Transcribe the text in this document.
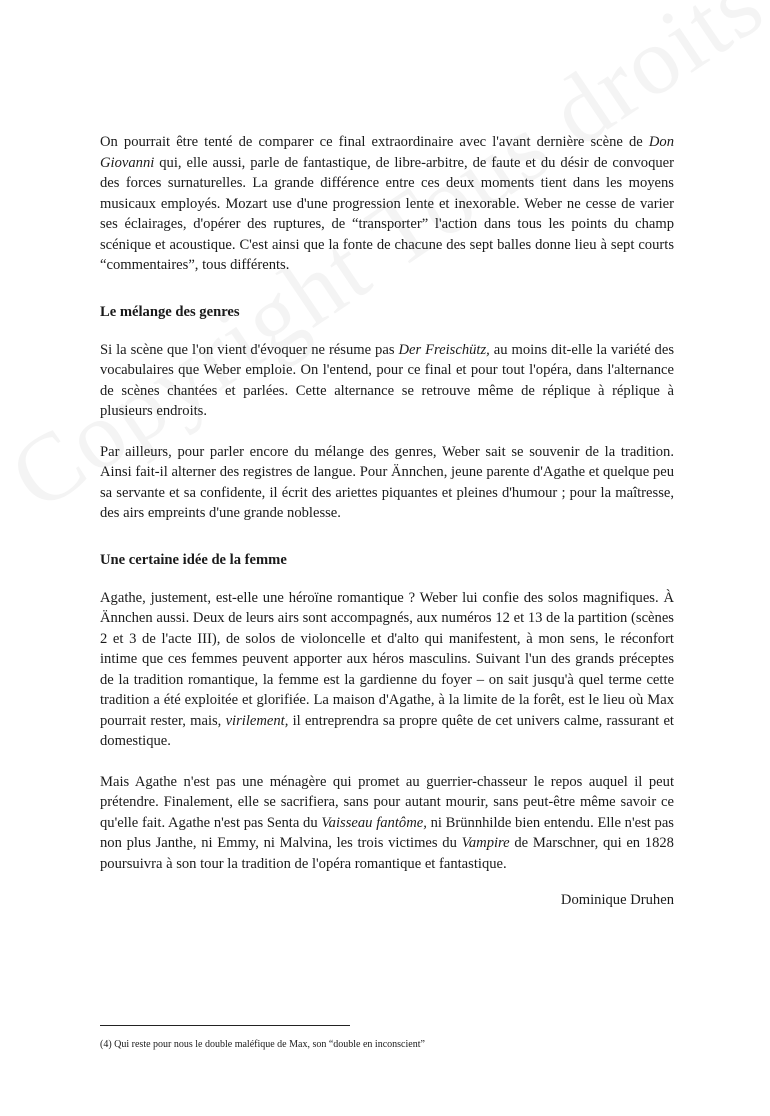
On pourrait être tenté de comparer ce final extraordinaire avec l'avant dernière scène de Don Giovanni qui, elle aussi, parle de fantastique, de libre-arbitre, de faute et du désir de convoquer des forces surnaturelles. La grande différence entre ces deux moments tient dans les moyens musicaux employés. Mozart use d'une progression lente et inexorable. Weber ne cesse de varier ses éclairages, d'opérer des ruptures, de “transporter” l'action dans tous les points du champ scénique et acoustique. C'est ainsi que la fonte de chacune des sept balles donne lieu à sept courts “commentaires”, tous différents.

Le mélange des genres

Si la scène que l'on vient d'évoquer ne résume pas Der Freischütz, au moins dit-elle la variété des vocabulaires que Weber emploie. On l'entend, pour ce final et pour tout l'opéra, dans l'alternance de scènes chantées et parlées. Cette alternance se retrouve même de réplique à réplique à plusieurs endroits.

Par ailleurs, pour parler encore du mélange des genres, Weber sait se souvenir de la tradition. Ainsi fait-il alterner des registres de langue. Pour Ännchen, jeune parente d'Agathe et quelque peu sa servante et sa confidente, il écrit des ariettes piquantes et pleines d'humour ; pour la maîtresse, des airs empreints d'une grande noblesse.

Une certaine idée de la femme

Agathe, justement, est-elle une héroïne romantique ? Weber lui confie des solos magnifiques. À Ännchen aussi. Deux de leurs airs sont accompagnés, aux numéros 12 et 13 de la partition (scènes 2 et 3 de l'acte III), de solos de violoncelle et d'alto qui manifestent, à mon sens, le réconfort intime que ces femmes peuvent apporter aux héros masculins. Suivant l'un des grands préceptes de la tradition romantique, la femme est la gardienne du foyer – on sait jusqu'à quel terme cette tradition a été exploitée et glorifiée. La maison d'Agathe, à la limite de la forêt, est le lieu où Max pourrait rester, mais, virilement, il entreprendra sa propre quête de cet univers calme, rassurant et domestique.

Mais Agathe n'est pas une ménagère qui promet au guerrier-chasseur le repos auquel il peut prétendre. Finalement, elle se sacrifiera, sans pour autant mourir, sans peut-être même savoir ce qu'elle fait. Agathe n'est pas Senta du Vaisseau fantôme, ni Brünnhilde bien entendu. Elle n'est pas non plus Janthe, ni Emmy, ni Malvina, les trois victimes du Vampire de Marschner, qui en 1828 poursuivra à son tour la tradition de l'opéra romantique et fantastique.

Dominique Druhen
(4) Qui reste pour nous le double maléfique de Max, son “double en inconscient”
